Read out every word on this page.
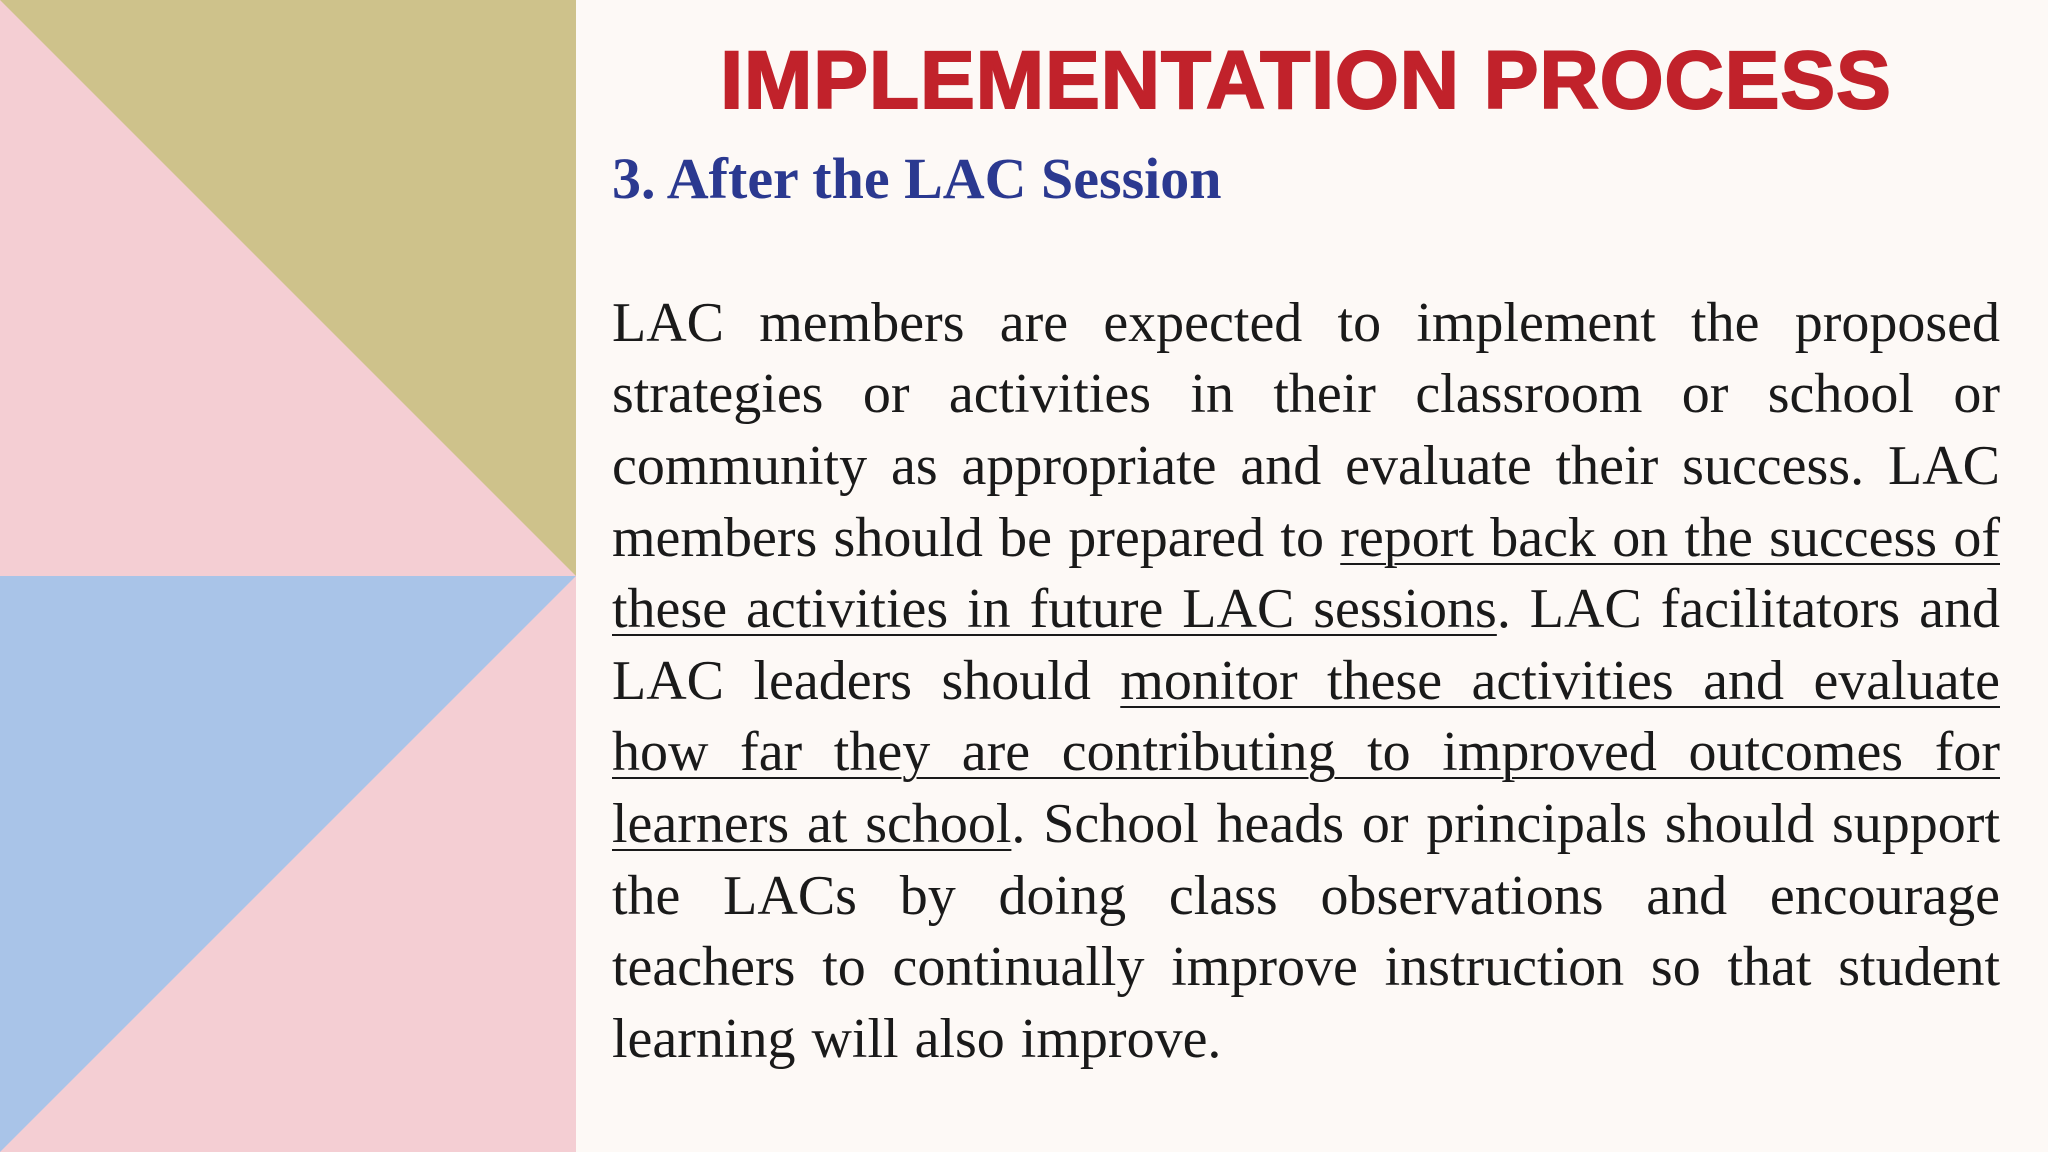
IMPLEMENTATION PROCESS
3. After the LAC Session

LAC members are expected to implement the proposed strategies or activities in their classroom or school or community as appropriate and evaluate their success. LAC members should be prepared to report back on the success of these activities in future LAC sessions. LAC facilitators and LAC leaders should monitor these activities and evaluate how far they are contributing to improved outcomes for learners at school. School heads or principals should support the LACs by doing class observations and encourage teachers to continually improve instruction so that student learning will also improve.
